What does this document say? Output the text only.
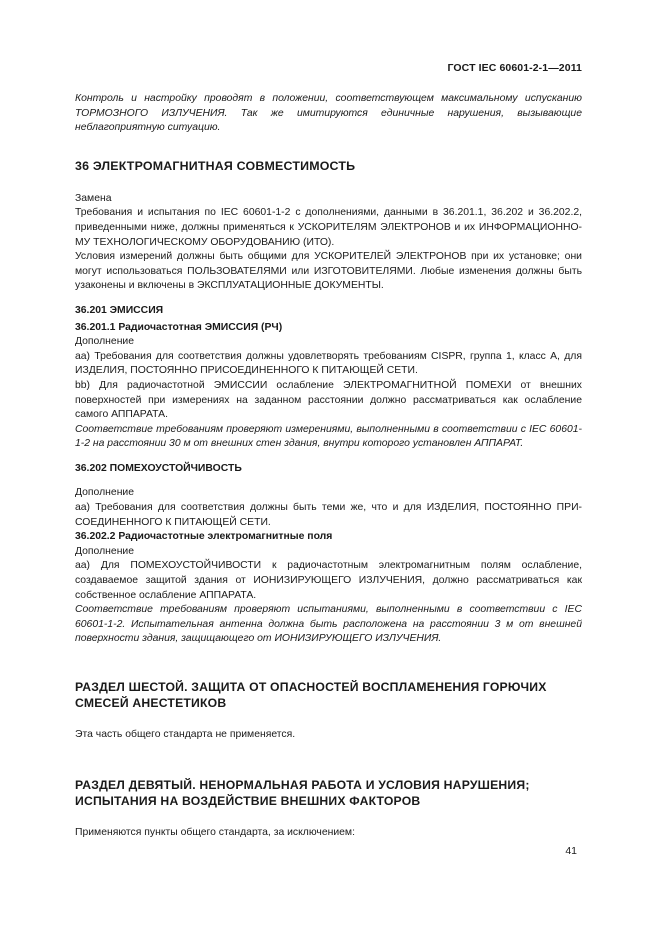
ГОСТ IEC 60601-2-1—2011

Контроль и настройку проводят в положении, соответствующем максимальному испусканию ТОРМОЗНОГО ИЗЛУЧЕНИЯ. Так же имитируются единичные нарушения, вызывающие неблагоприятную ситуацию.

36 ЭЛЕКТРОМАГНИТНАЯ СОВМЕСТИМОСТЬ

Замена

Требования и испытания по IEC 60601-1-2 с дополнениями, данными в 36.201.1, 36.202 и 36.202.2, приведенными ниже, должны применяться к УСКОРИТЕЛЯМ ЭЛЕКТРОНОВ и их ИНФОРМАЦИОННО-МУ ТЕХНОЛОГИЧЕСКОМУ ОБОРУДОВАНИЮ (ИТО).

Условия измерений должны быть общими для УСКОРИТЕЛЕЙ ЭЛЕКТРОНОВ при их установке; они могут использоваться ПОЛЬЗОВАТЕЛЯМИ или ИЗГОТОВИТЕЛЯМИ. Любые изменения должны быть узаконены и включены в ЭКСПЛУАТАЦИОННЫЕ ДОКУМЕНТЫ.

36.201 ЭМИССИЯ

36.201.1 Радиочастотная ЭМИССИЯ (РЧ)

Дополнение

аа) Требования для соответствия должны удовлетворять требованиям CISPR, группа 1, класс А, для ИЗДЕЛИЯ, ПОСТОЯННО ПРИСОЕДИНЕННОГО К ПИТАЮЩЕЙ СЕТИ.

bb) Для радиочастотной ЭМИССИИ ослабление ЭЛЕКТРОМАГНИТНОЙ ПОМЕХИ от внешних поверхностей при измерениях на заданном расстоянии должно рассматриваться как ослабление самого АППАРАТА.

Соответствие требованиям проверяют измерениями, выполненными в соответствии с IEC 60601-1-2 на расстоянии 30 м от внешних стен здания, внутри которого установлен АППАРАТ.

36.202 ПОМЕХОУСТОЙЧИВОСТЬ

Дополнение

аа) Требования для соответствия должны быть теми же, что и для ИЗДЕЛИЯ, ПОСТОЯННО ПРИ-СОЕДИНЕННОГО К ПИТАЮЩЕЙ СЕТИ.

36.202.2 Радиочастотные электромагнитные поля

Дополнение

аа) Для ПОМЕХОУСТОЙЧИВОСТИ к радиочастотным электромагнитным полям ослабление, создаваемое защитой здания от ИОНИЗИРУЮЩЕГО ИЗЛУЧЕНИЯ, должно рассматриваться как собственное ослабление АППАРАТА.

Соответствие требованиям проверяют испытаниями, выполненными в соответствии с IEC 60601-1-2. Испытательная антенна должна быть расположена на расстоянии 3 м от внешней поверхности здания, защищающего от ИОНИЗИРУЮЩЕГО ИЗЛУЧЕНИЯ.

РАЗДЕЛ ШЕСТОЙ. ЗАЩИТА ОТ ОПАСНОСТЕЙ ВОСПЛАМЕНЕНИЯ ГОРЮЧИХ СМЕСЕЙ АНЕСТЕТИКОВ

Эта часть общего стандарта не применяется.

РАЗДЕЛ ДЕВЯТЫЙ. НЕНОРМАЛЬНАЯ РАБОТА И УСЛОВИЯ НАРУШЕНИЯ; ИСПЫТАНИЯ НА ВОЗДЕЙСТВИЕ ВНЕШНИХ ФАКТОРОВ

Применяются пункты общего стандарта, за исключением:

41
